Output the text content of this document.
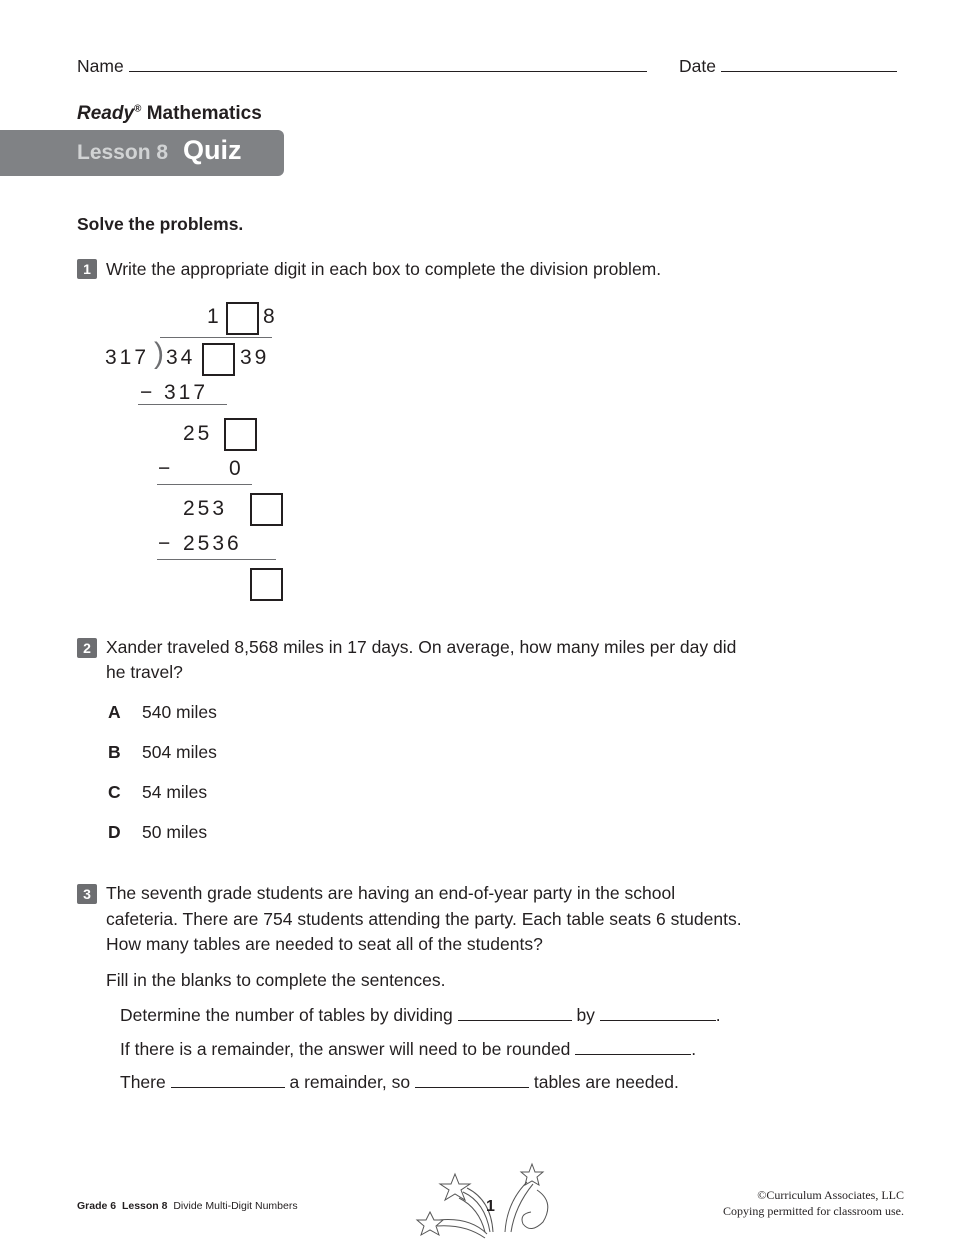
Name	Date
Ready® Mathematics
Lesson 8 Quiz
Solve the problems.
1 Write the appropriate digit in each box to complete the division problem.
1 8
317 ) 34 39
− 317
25
−	0
253
− 2536
2 Xander traveled 8,568 miles in 17 days. On average, how many miles per day did
he travel?
A 540 miles
B 504 miles
C 54 miles
D 50 miles
3 The seventh grade students are having an end-of-year party in the school
cafeteria. There are 754 students attending the party. Each table seats 6 students.
How many tables are needed to seat all of the students?
Fill in the blanks to complete the sentences.
Determine the number of tables by dividing	by	.
If there is a remainder, the answer will need to be rounded	.
There	a remainder, so	tables are needed.
Grade 6 Lesson 8 Divide Multi-Digit Numbers	1
©Curriculum Associates, LLC
Copying permitted for classroom use.
